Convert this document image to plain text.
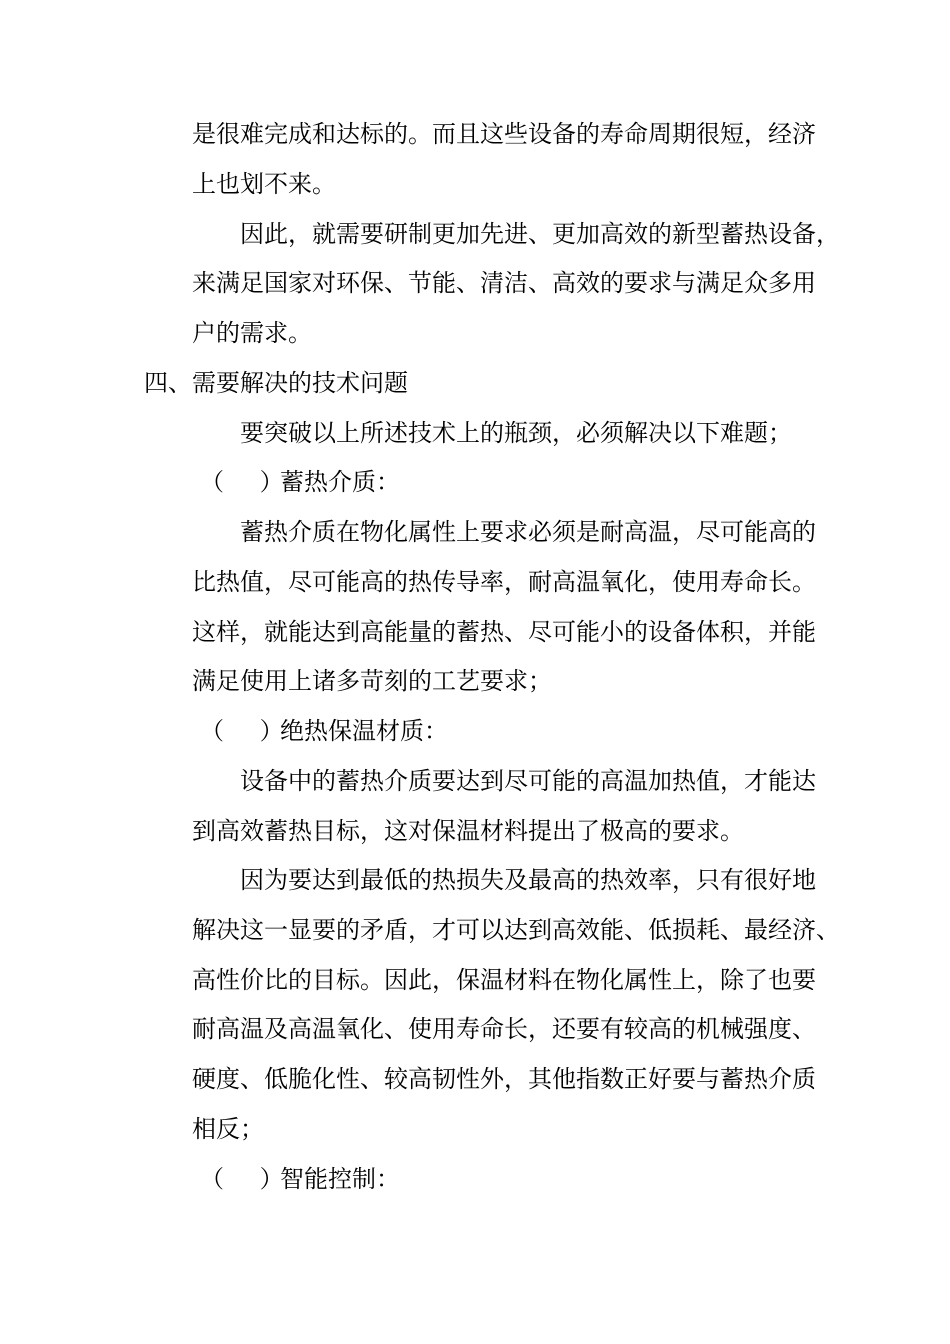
是很难完成和达标的。而且这些设备的寿命周期很短，经济
上也划不来。
因此，就需要研制更加先进、更加高效的新型蓄热设备，
来满足国家对环保、节能、清洁、高效的要求与满足众多用
户的需求。
四、需要解决的技术问题
要突破以上所述技术上的瓶颈，必须解决以下难题；
（ ）
蓄热介质：
蓄热介质在物化属性上要求必须是耐高温，尽可能高的
比热值，尽可能高的热传导率，耐高温氧化，使用寿命长。
这样，就能达到高能量的蓄热、尽可能小的设备体积，并能
满足使用上诸多苛刻的工艺要求；
（ ）
绝热保温材质：
设备中的蓄热介质要达到尽可能的高温加热值，才能达
到高效蓄热目标，这对保温材料提出了极高的要求。
因为要达到最低的热损失及最高的热效率，只有很好地
解决这一显要的矛盾，才可以达到高效能、低损耗、最经济、
高性价比的目标。因此，保温材料在物化属性上，除了也要
耐高温及高温氧化、使用寿命长，还要有较高的机械强度、
硬度、低脆化性、较高韧性外，其他指数正好要与蓄热介质
相反；
（ ）
智能控制：
